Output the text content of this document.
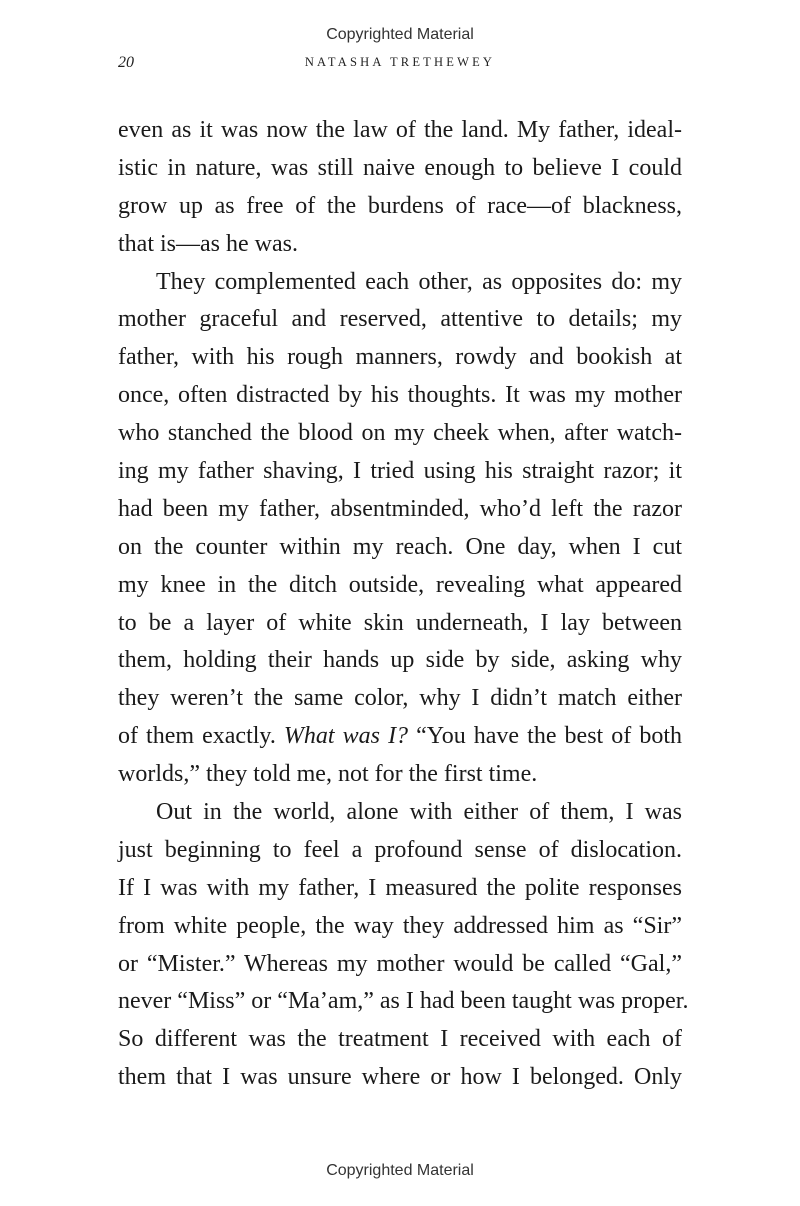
Copyrighted Material
20	NATASHA TRETHEWEY
even as it was now the law of the land. My father, ideal-
istic in nature, was still naive enough to believe I could
grow up as free of the burdens of race—of blackness,
that is—as he was.
They complemented each other, as opposites do: my
mother graceful and reserved, attentive to details; my
father, with his rough manners, rowdy and bookish at
once, often distracted by his thoughts. It was my mother
who stanched the blood on my cheek when, after watch-
ing my father shaving, I tried using his straight razor; it
had been my father, absentminded, who’d left the razor
on the counter within my reach. One day, when I cut
my knee in the ditch outside, revealing what appeared
to be a layer of white skin underneath, I lay between
them, holding their hands up side by side, asking why
they weren’t the same color, why I didn’t match either
of them exactly. What was I? “You have the best of both
worlds,” they told me, not for the first time.
Out in the world, alone with either of them, I was
just beginning to feel a profound sense of dislocation.
If I was with my father, I measured the polite responses
from white people, the way they addressed him as “Sir”
or “Mister.” Whereas my mother would be called “Gal,”
never “Miss” or “Ma’am,” as I had been taught was proper.
So different was the treatment I received with each of
them that I was unsure where or how I belonged. Only
Copyrighted Material
